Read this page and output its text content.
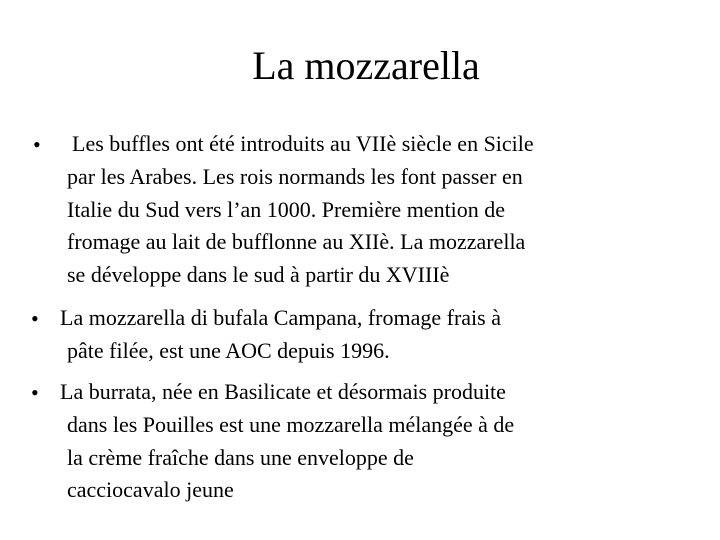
La mozzarella
• Les buffles ont été introduits au VIIè siècle en Sicile
par les Arabes. Les rois normands les font passer en
Italie du Sud vers l’an 1000. Première mention de
fromage au lait de bufflonne au XIIè. La mozzarella
se développe dans le sud à partir du XVIIIè
• La mozzarella di bufala Campana, fromage frais à
pâte filée, est une AOC depuis 1996.
• La burrata, née en Basilicate et désormais produite
dans les Pouilles est une mozzarella mélangée à de
la crème fraîche dans une enveloppe de
cacciocavalo jeune
